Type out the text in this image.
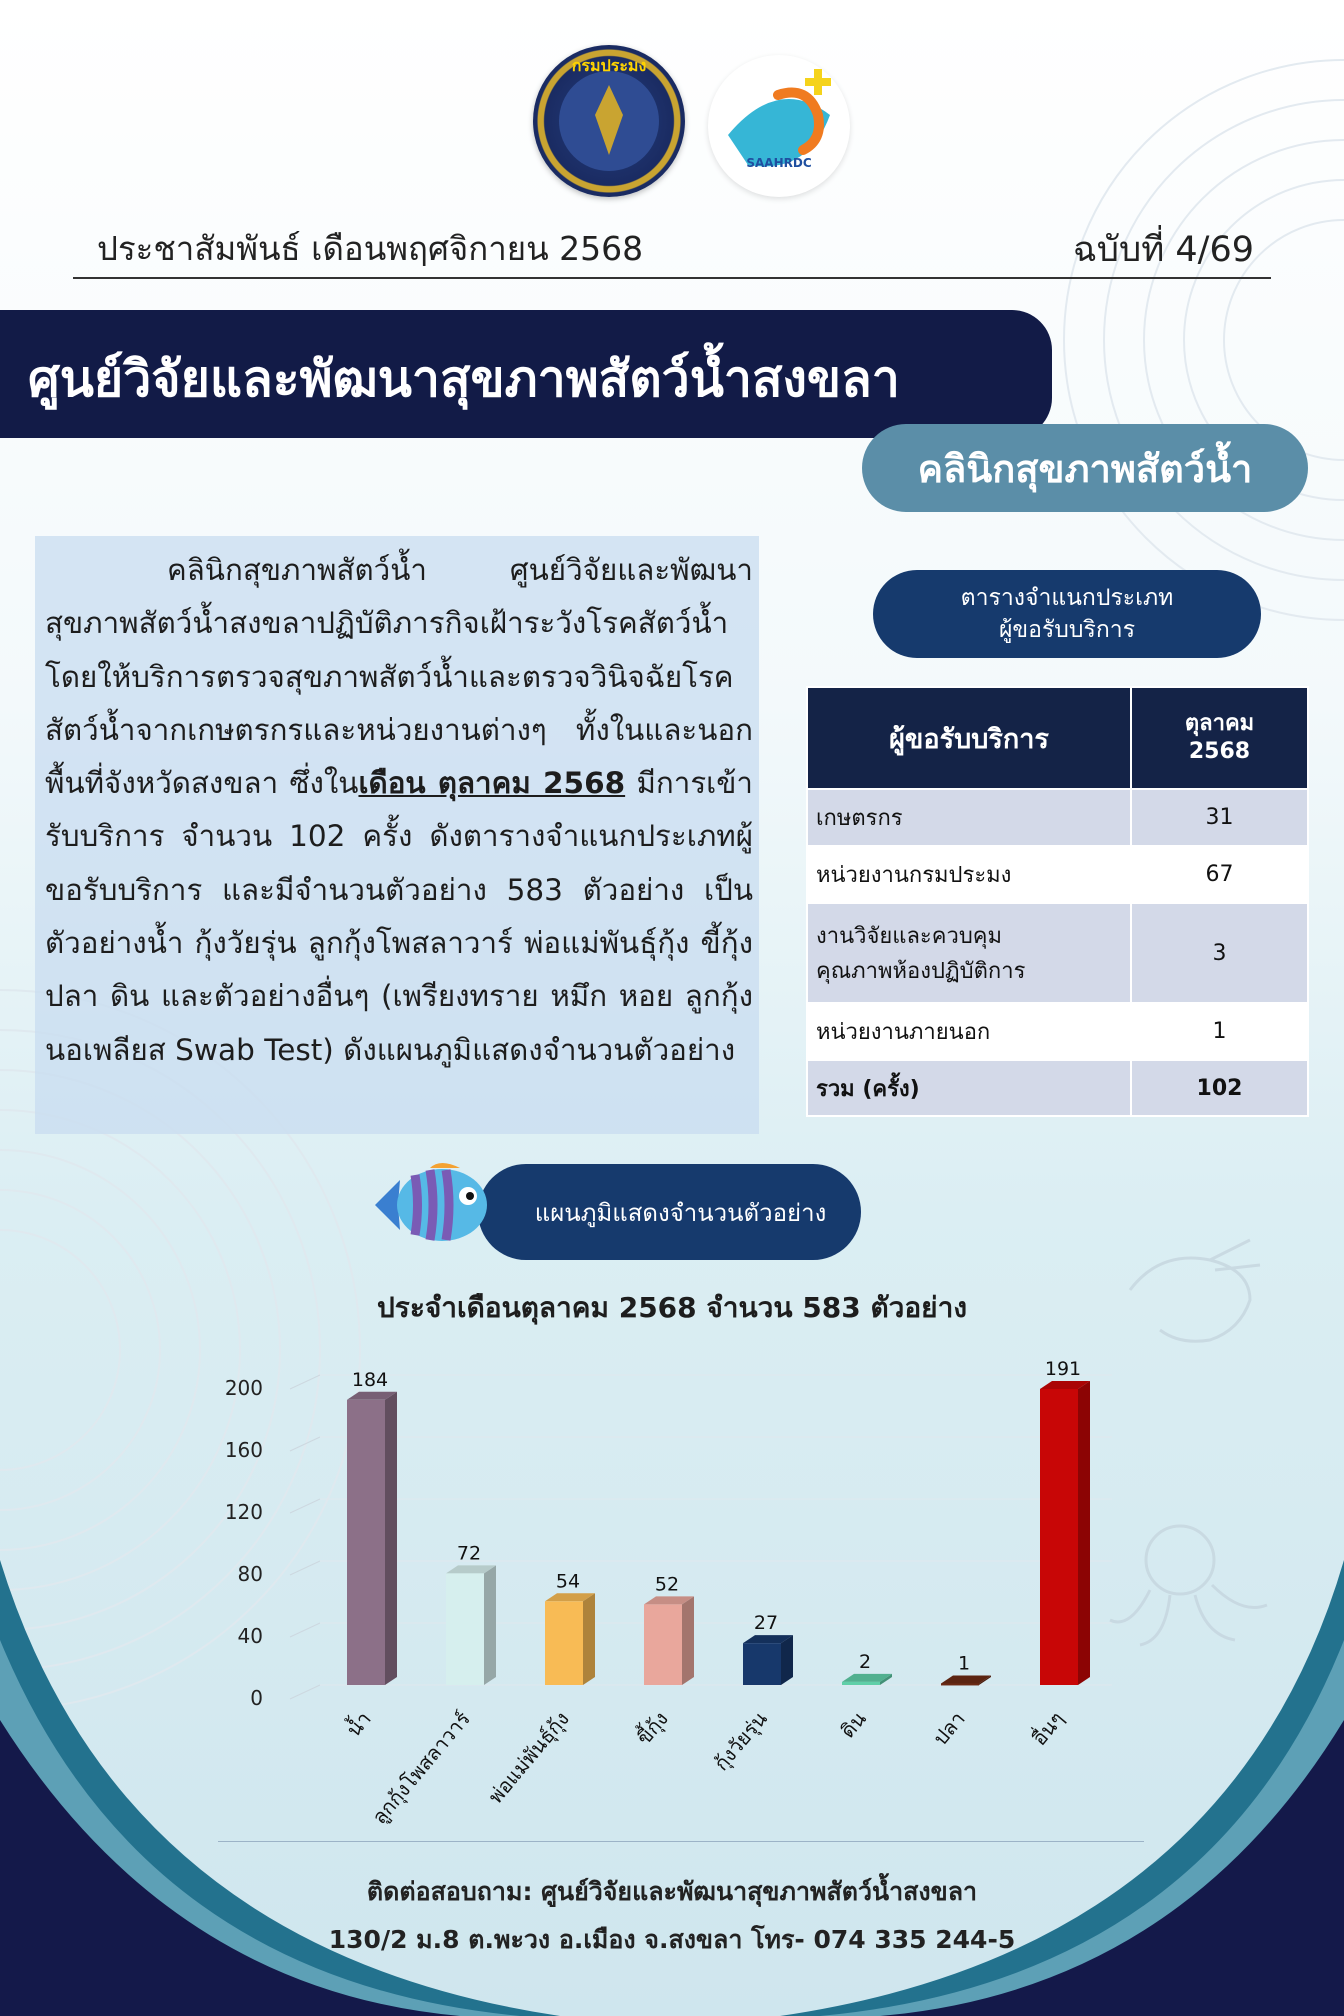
กรมประมง
SAAHRDC
ประชาสัมพันธ์ เดือนพฤศจิกายน 2568	ฉบับที่ 4/69
ศูนย์วิจัยและพัฒนาสุขภาพสัตว์น้ำสงขลา
คลินิกสุขภาพสัตว์น้ำ
คลินิกสุขภาพสัตว์น้ำ ศูนย์วิจัยและพัฒนาสุขภาพสัตว์น้ำสงขลาปฏิบัติภารกิจเฝ้าระวังโรคสัตว์น้ำ โดยให้บริการตรวจสุขภาพสัตว์น้ำและตรวจวินิจฉัยโรคสัตว์น้ำจากเกษตรกรและหน่วยงานต่างๆ ทั้งในและนอกพื้นที่จังหวัดสงขลา ซึ่งในเดือน ตุลาคม 2568 มีการเข้ารับบริการ จำนวน 102 ครั้ง ดังตารางจำแนกประเภทผู้ขอรับบริการ และมีจำนวนตัวอย่าง 583 ตัวอย่าง เป็นตัวอย่างน้ำ กุ้งวัยรุ่น ลูกกุ้งโพสลาวาร์ พ่อแม่พันธุ์กุ้ง ขี้กุ้ง ปลา ดิน และตัวอย่างอื่นๆ (เพรียงทราย หมึก หอย ลูกกุ้ง นอเพลียส Swab Test) ดังแผนภูมิแสดงจำนวนตัวอย่าง
ตารางจำแนกประเภท
ผู้ขอรับบริการ
ผู้ขอรับบริการ	ตุลาคม
2568
เกษตรกร	31
หน่วยงานกรมประมง	67
งานวิจัยและควบคุม
คุณภาพห้องปฏิบัติการ	3
หน่วยงานภายนอก	1
รวม (ครั้ง)	102
แผนภูมิแสดงจำนวนตัวอย่าง
ประจำเดือนตุลาคม 2568 จำนวน 583 ตัวอย่าง
0
40
80
120
160
200	184
น้ำ
72
ลูกกุ้งโพสลาวาร์
54
พ่อแม่พันธุ์กุ้ง
52
ขี้กุ้ง
27
กุ้งวัยรุ่น
2
ดิน
1
ปลา
191
อื่นๆ
ติดต่อสอบถาม: ศูนย์วิจัยและพัฒนาสุขภาพสัตว์น้ำสงขลา
130/2 ม.8 ต.พะวง อ.เมือง จ.สงขลา โทร- 074 335 244-5
